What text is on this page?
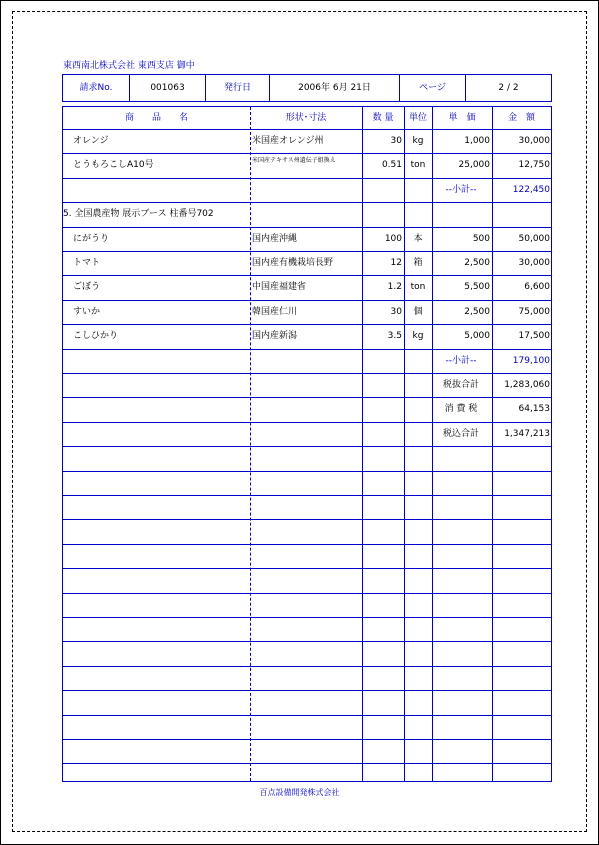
東西南北株式会社 東西支店 御中
請求No.	001063	発行日	2006年 6月 21日	ページ	2 / 2
商　　品　　名	形状･寸法	数 量	単位	単　価	金　額
オレンジ	米国産オレンジ州	30	kg	1,000	30,000
とうもろこしA10号	米国産テキサス州遺伝子組換え	0.51 ton	25,000	12,750
--小計--	122,450
5. 全国農産物 展示ブース 柱番号702
にがうり	国内産沖縄	100	本	500	50,000
トマト	国内産有機栽培長野	12	箱	2,500	30,000
ごぼう	中国産福建省	1.2 ton	5,500	6,600
すいか	韓国産仁川	30	個	2,500	75,000
こしひかり	国内産新潟	3.5	kg	5,000	17,500
--小計--	179,100
税抜合計	1,283,060
消 費 税	64,153
税込合計	1,347,213
百点設備開発株式会社
